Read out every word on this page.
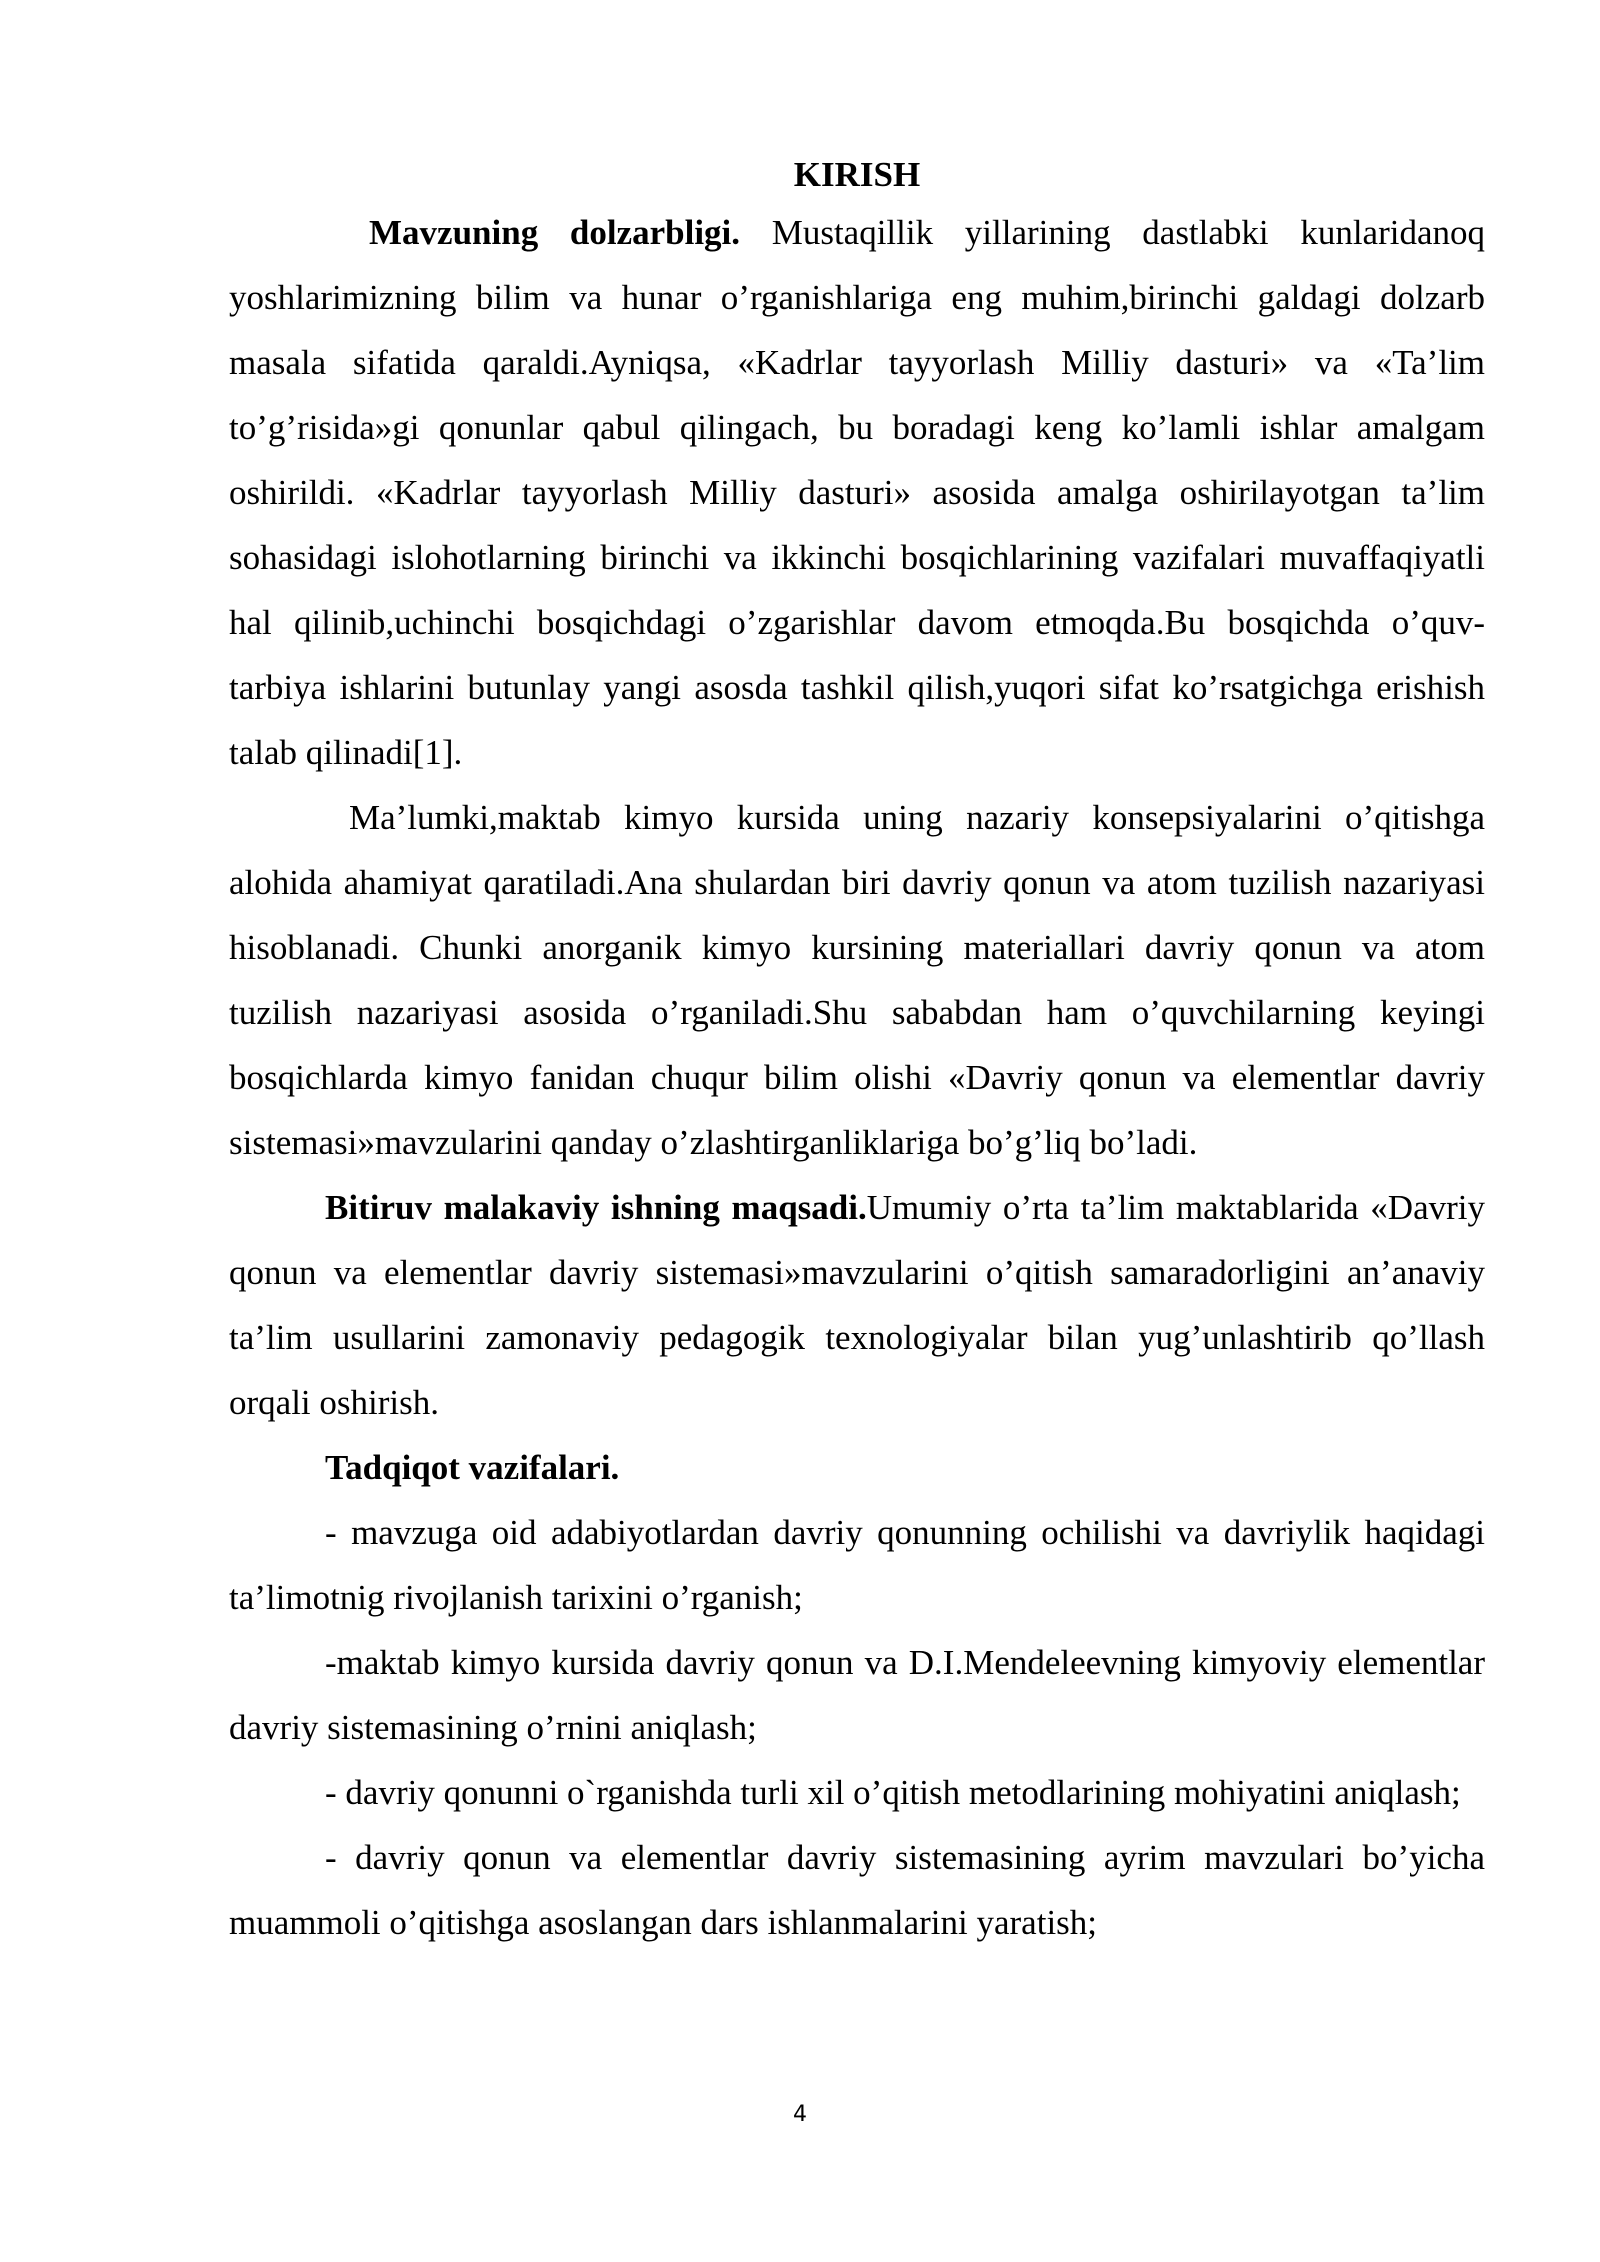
KIRISH

Mavzuning dolzarbligi. Mustaqillik yillarining dastlabki kunlaridanoq yoshlarimizning bilim va hunar o’rganishlariga eng muhim,birinchi galdagi dolzarb masala sifatida qaraldi.Ayniqsa, «Kadrlar tayyorlash Milliy dasturi» va «Ta’lim to’g’risida»gi qonunlar qabul qilingach, bu boradagi keng ko’lamli ishlar amalgam oshirildi. «Kadrlar tayyorlash Milliy dasturi» asosida amalga oshirilayotgan ta’lim sohasidagi islohotlarning birinchi va ikkinchi bosqichlarining vazifalari muvaffaqiyatli hal qilinib,uchinchi bosqichdagi o’zgarishlar davom etmoqda.Bu bosqichda o’quv-tarbiya ishlarini butunlay yangi asosda tashkil qilish,yuqori sifat ko’rsatgichga erishish talab qilinadi[1].

Ma’lumki,maktab kimyo kursida uning nazariy konsepsiyalarini o’qitishga alohida ahamiyat qaratiladi.Ana shulardan biri davriy qonun va atom tuzilish nazariyasi hisoblanadi. Chunki anorganik kimyo kursining materiallari davriy qonun va atom tuzilish nazariyasi asosida o’rganiladi.Shu sababdan ham o’quvchilarning keyingi bosqichlarda kimyo fanidan chuqur bilim olishi «Davriy qonun va elementlar davriy sistemasi»mavzularini qanday o’zlashtirganliklariga bo’g’liq bo’ladi.

Bitiruv malakaviy ishning maqsadi.Umumiy o’rta ta’lim maktablarida «Davriy qonun va elementlar davriy sistemasi»mavzularini o’qitish samaradorligini an’anaviy ta’lim usullarini zamonaviy pedagogik texnologiyalar bilan yug’unlashtirib qo’llash orqali oshirish.

Tadqiqot vazifalari.

- mavzuga oid adabiyotlardan davriy qonunning ochilishi va davriylik haqidagi ta’limotnig rivojlanish tarixini o’rganish;

-maktab kimyo kursida davriy qonun va D.I.Mendeleevning kimyoviy elementlar davriy sistemasining o’rnini aniqlash;

- davriy qonunni o`rganishda turli xil o’qitish metodlarining mohiyatini aniqlash;

- davriy qonun va elementlar davriy sistemasining ayrim mavzulari bo’yicha muammoli o’qitishga asoslangan dars ishlanmalarini yaratish;

4
